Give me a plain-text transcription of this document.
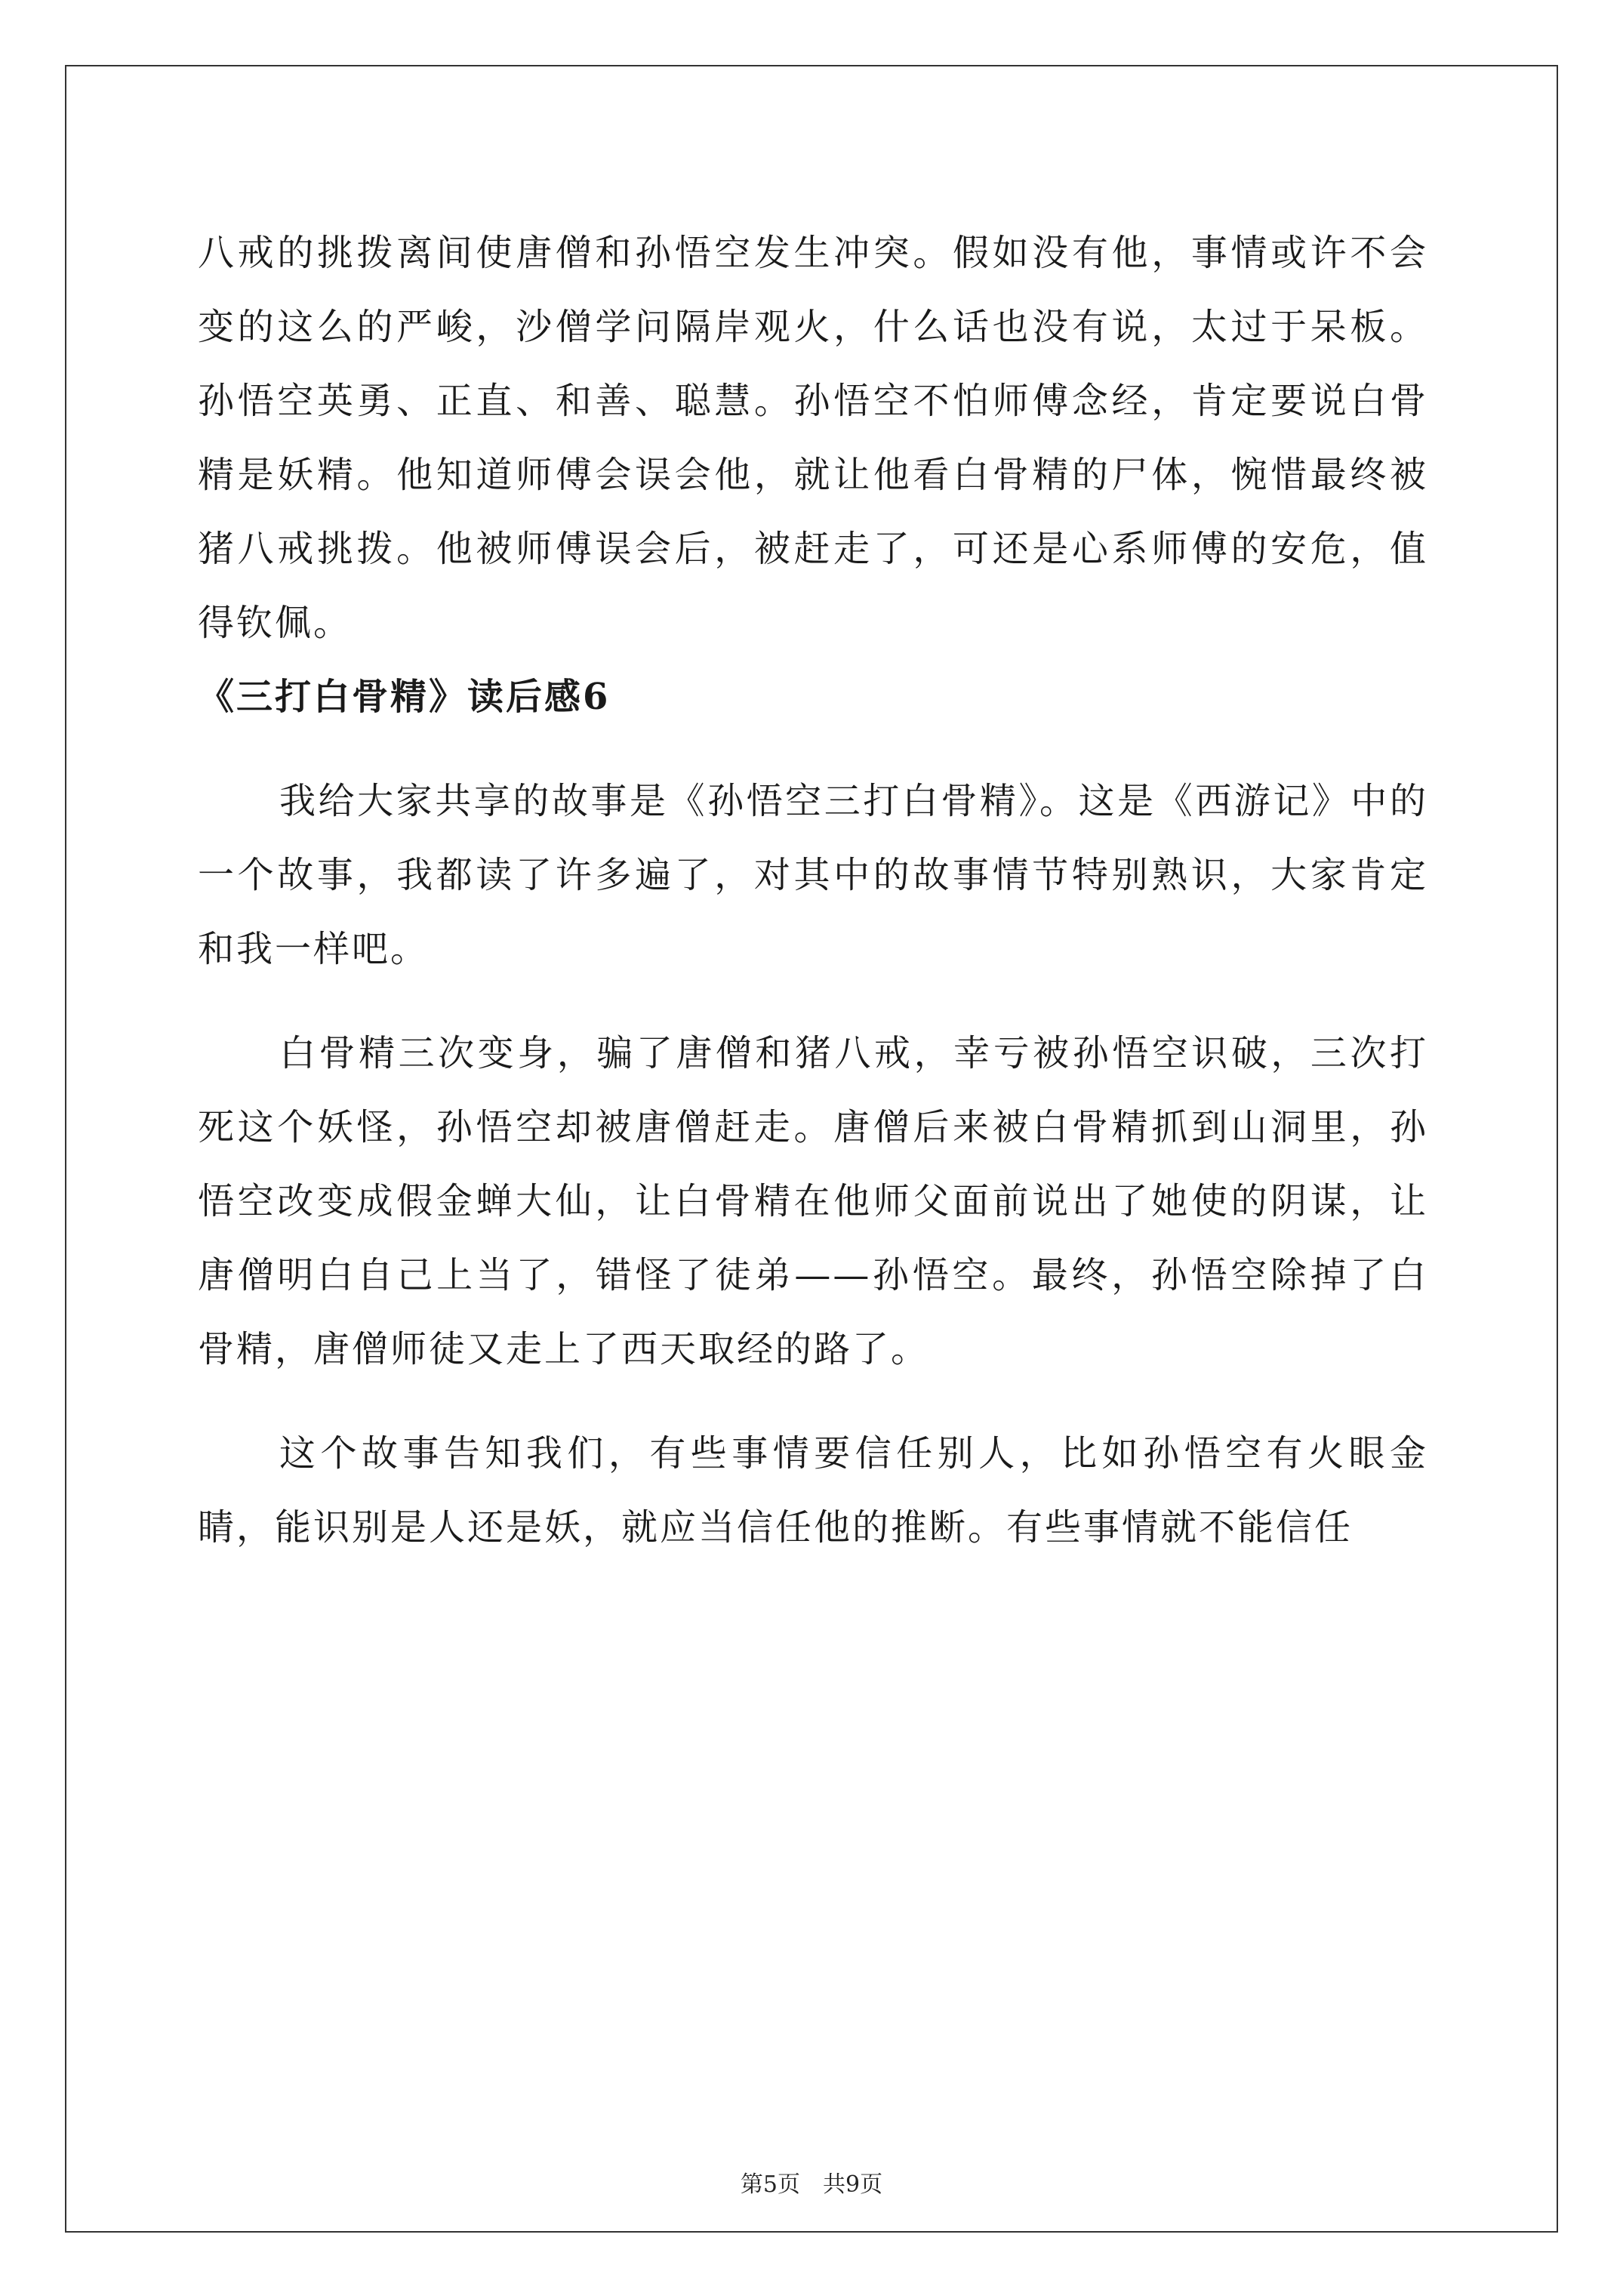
八戒的挑拨离间使唐僧和孙悟空发生冲突。假如没有他，事情或许不会变的这么的严峻，沙僧学问隔岸观火，什么话也没有说，太过于呆板。孙悟空英勇、正直、和善、聪慧。孙悟空不怕师傅念经，肯定要说白骨精是妖精。他知道师傅会误会他，就让他看白骨精的尸体，惋惜最终被猪八戒挑拨。他被师傅误会后，被赶走了，可还是心系师傅的安危，值得钦佩。

《三打白骨精》读后感6

我给大家共享的故事是《孙悟空三打白骨精》。这是《西游记》中的一个故事，我都读了许多遍了，对其中的故事情节特别熟识，大家肯定和我一样吧。

白骨精三次变身，骗了唐僧和猪八戒，幸亏被孙悟空识破，三次打死这个妖怪，孙悟空却被唐僧赶走。唐僧后来被白骨精抓到山洞里，孙悟空改变成假金蝉大仙，让白骨精在他师父面前说出了她使的阴谋，让唐僧明白自己上当了，错怪了徒弟——孙悟空。最终，孙悟空除掉了白骨精，唐僧师徒又走上了西天取经的路了。

这个故事告知我们，有些事情要信任别人，比如孙悟空有火眼金睛，能识别是人还是妖，就应当信任他的推断。有些事情就不能信任

第5页　共9页
